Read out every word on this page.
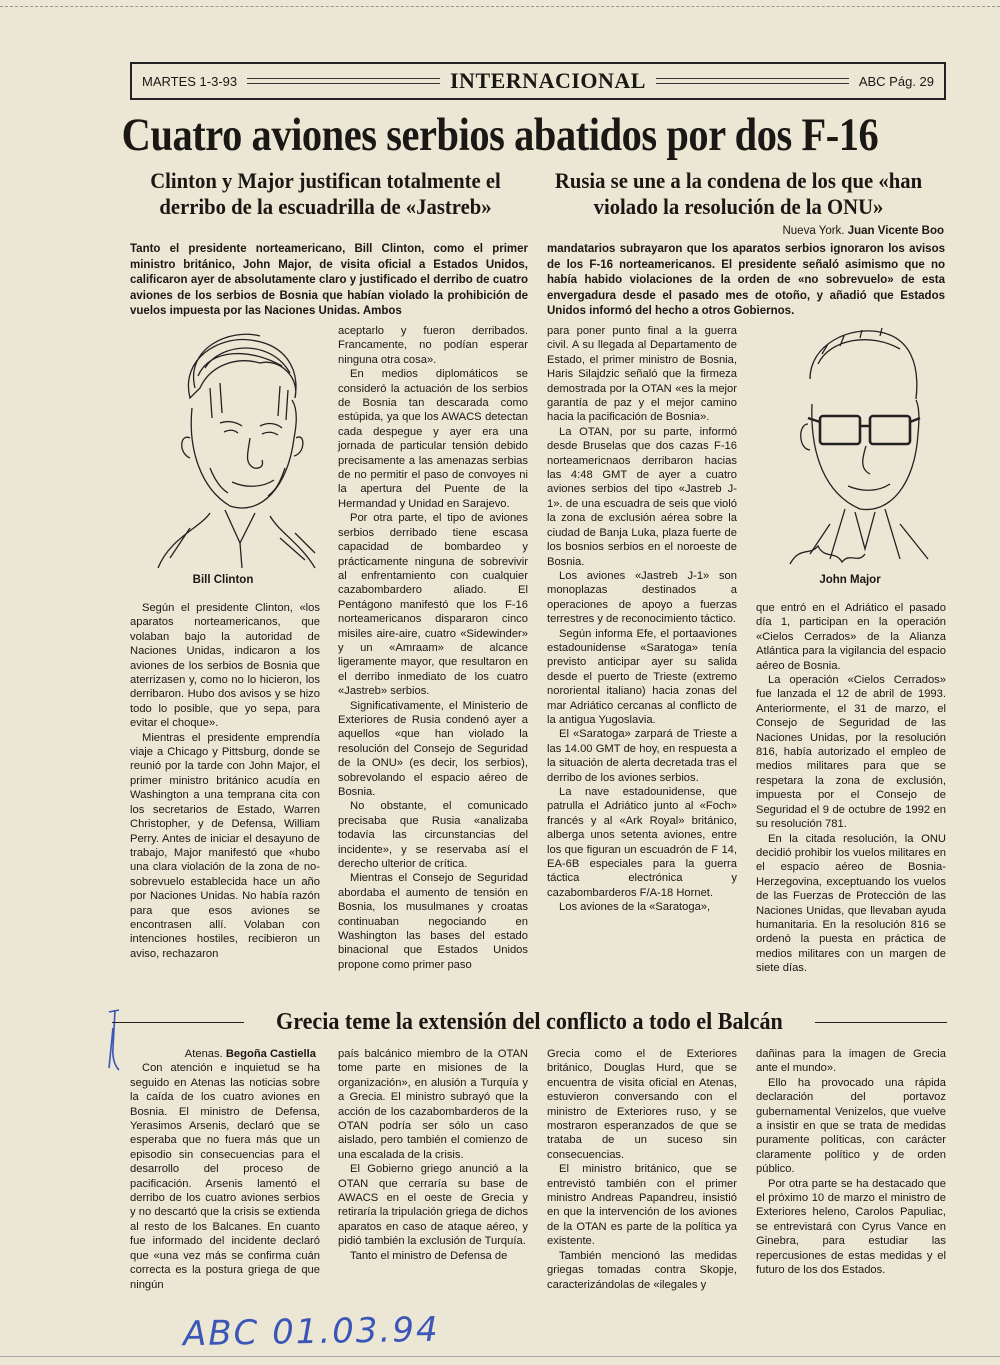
MARTES 1-3-93	INTERNACIONAL	ABC Pág. 29
Cuatro aviones serbios abatidos por dos F-16
Clinton y Major justifican totalmente el derribo de la escuadrilla de «Jastreb»
Rusia se une a la condena de los que «han violado la resolución de la ONU»
Nueva York. Juan Vicente Boo
Tanto el presidente norteamericano, Bill Clinton, como el primer ministro británico, John Major, de visita oficial a Estados Unidos, calificaron ayer de absolutamente claro y justificado el derribo de cuatro aviones de los serbios de Bosnia que habían violado la prohibición de vuelos impuesta por las Naciones Unidas. Ambos
mandatarios subrayaron que los aparatos serbios ignoraron los avisos de los F-16 norteamericanos. El presidente señaló asimismo que no había habido violaciones de la orden de «no sobrevuelo» de esta envergadura desde el pasado mes de otoño, y añadió que Estados Unidos informó del hecho a otros Gobiernos.
Bill Clinton	John Major

Según el presidente Clinton, «los aparatos norteamericanos, que volaban bajo la autoridad de Naciones Unidas, indicaron a los aviones de los serbios de Bosnia que aterrizasen y, como no lo hicieron, los derribaron. Hubo dos avisos y se hizo todo lo posible, que yo sepa, para evitar el choque».

Mientras el presidente emprendía viaje a Chicago y Pittsburg, donde se reunió por la tarde con John Major, el primer ministro británico acudía en Washington a una temprana cita con los secretarios de Estado, Warren Christopher, y de Defensa, William Perry. Antes de iniciar el desayuno de trabajo, Major manifestó que «hubo una clara violación de la zona de no-sobrevuelo establecida hace un año por Naciones Unidas. No había razón para que esos aviones se encontrasen allí. Volaban con intenciones hostiles, recibieron un aviso, rechazaron

aceptarlo y fueron derribados. Francamente, no podían esperar ninguna otra cosa».

En medios diplomáticos se consideró la actuación de los serbios de Bosnia tan descarada como estúpida, ya que los AWACS detectan cada despegue y ayer era una jornada de particular tensión debido precisamente a las amenazas serbias de no permitir el paso de convoyes ni la apertura del Puente de la Hermandad y Unidad en Sarajevo.

Por otra parte, el tipo de aviones serbios derribado tiene escasa capacidad de bombardeo y prácticamente ninguna de sobrevivir al enfrentamiento con cualquier cazabombardero aliado. El Pentágono manifestó que los F-16 norteamericanos dispararon cinco misiles aire-aire, cuatro «Sidewinder» y un «Amraam» de alcance ligeramente mayor, que resultaron en el derribo inmediato de los cuatro «Jastreb» serbios.

Significativamente, el Ministerio de Exteriores de Rusia condenó ayer a aquellos «que han violado la resolución del Consejo de Seguridad de la ONU» (es decir, los serbios), sobrevolando el espacio aéreo de Bosnia.

No obstante, el comunicado precisaba que Rusia «analizaba todavía las circunstancias del incidente», y se reservaba así el derecho ulterior de crítica.

Mientras el Consejo de Seguridad abordaba el aumento de tensión en Bosnia, los musulmanes y croatas continuaban negociando en Washington las bases del estado binacional que Estados Unidos propone como primer paso

para poner punto final a la guerra civil. A su llegada al Departamento de Estado, el primer ministro de Bosnia, Haris Silajdzic señaló que la firmeza demostrada por la OTAN «es la mejor garantía de paz y el mejor camino hacia la pacificación de Bosnia».

La OTAN, por su parte, informó desde Bruselas que dos cazas F-16 norteamericnaos derribaron hacias las 4:48 GMT de ayer a cuatro aviones serbios del tipo «Jastreb J-1». de una escuadra de seis que violó la zona de exclusión aérea sobre la ciudad de Banja Luka, plaza fuerte de los bosnios serbios en el noroeste de Bosnia.

Los aviones «Jastreb J-1» son monoplazas destinados a operaciones de apoyo a fuerzas terrestres y de reconocimiento táctico.

Según informa Efe, el portaaviones estadounidense «Saratoga» tenía previsto anticipar ayer su salida desde el puerto de Trieste (extremo nororiental italiano) hacia zonas del mar Adriático cercanas al conflicto de la antigua Yugoslavia.

El «Saratoga» zarpará de Trieste a las 14.00 GMT de hoy, en respuesta a la situación de alerta decretada tras el derribo de los aviones serbios.

La nave estadounidense, que patrulla el Adriático junto al «Foch» francés y al «Ark Royal» británico, alberga unos setenta aviones, entre los que figuran un escuadrón de F 14, EA-6B especiales para la guerra táctica electrónica y cazabombarderos F/A-18 Hornet.

Los aviones de la «Saratoga»,

que entró en el Adriático el pasado día 1, participan en la operación «Cielos Cerrados» de la Alianza Atlántica para la vigilancia del espacio aéreo de Bosnia.

La operación «Cielos Cerrados» fue lanzada el 12 de abril de 1993. Anteriormente, el 31 de marzo, el Consejo de Seguridad de las Naciones Unidas, por la resolución 816, había autorizado el empleo de medios militares para que se respetara la zona de exclusión, impuesta por el Consejo de Seguridad el 9 de octubre de 1992 en su resolución 781.

En la citada resolución, la ONU decidió prohibir los vuelos militares en el espacio aéreo de Bosnia-Herzegovina, exceptuando los vuelos de las Fuerzas de Protección de las Naciones Unidas, que llevaban ayuda humanitaria. En la resolución 816 se ordenó la puesta en práctica de medios militares con un margen de siete días.

Grecia teme la extensión del conflicto a todo el Balcán
Atenas. Begoña Castiella

Con atención e inquietud se ha seguido en Atenas las noticias sobre la caída de los cuatro aviones en Bosnia. El ministro de Defensa, Yerasimos Arsenis, declaró que se esperaba que no fuera más que un episodio sin consecuencias para el desarrollo del proceso de pacificación. Arsenis lamentó el derribo de los cuatro aviones serbios y no descartó que la crisis se extienda al resto de los Balcanes. En cuanto fue informado del incidente declaró que «una vez más se confirma cuán correcta es la postura griega de que ningún

país balcánico miembro de la OTAN tome parte en misiones de la organización», en alusión a Turquía y a Grecia. El ministro subrayó que la acción de los cazabombarderos de la OTAN podría ser sólo un caso aislado, pero también el comienzo de una escalada de la crisis.

El Gobierno griego anunció a la OTAN que cerraría su base de AWACS en el oeste de Grecia y retiraría la tripulación griega de dichos aparatos en caso de ataque aéreo, y pidió también la exclusión de Turquía.

Tanto el ministro de Defensa de

Grecia como el de Exteriores británico, Douglas Hurd, que se encuentra de visita oficial en Atenas, estuvieron conversando con el ministro de Exteriores ruso, y se mostraron esperanzados de que se trataba de un suceso sin consecuencias.

El ministro británico, que se entrevistó también con el primer ministro Andreas Papandreu, insistió en que la intervención de los aviones de la OTAN es parte de la política ya existente.

También mencionó las medidas griegas tomadas contra Skopje, caracterizándolas de «ilegales y

dañinas para la imagen de Grecia ante el mundo».

Ello ha provocado una rápida declaración del portavoz gubernamental Venizelos, que vuelve a insistir en que se trata de medidas puramente políticas, con carácter claramente político y de orden público.

Por otra parte se ha destacado que el próximo 10 de marzo el ministro de Exteriores heleno, Carolos Papuliac, se entrevistará con Cyrus Vance en Ginebra, para estudiar las repercusiones de estas medidas y el futuro de los dos Estados.

ABC 01.03.94
